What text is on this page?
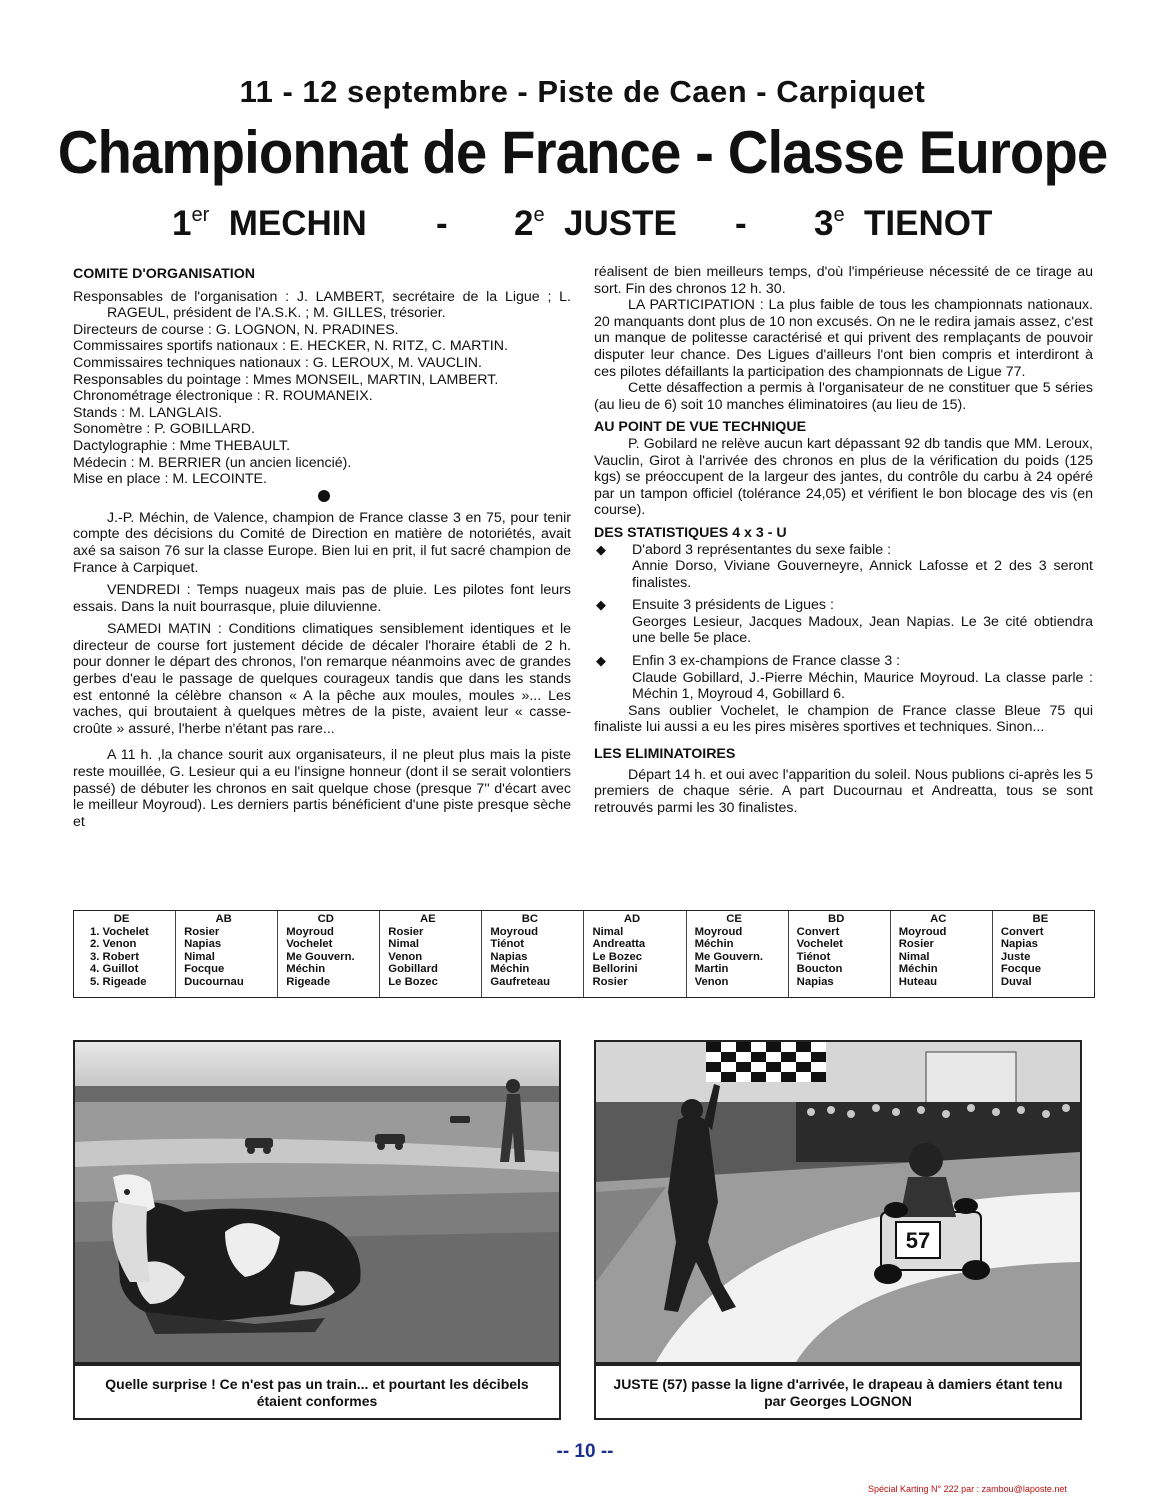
11 - 12 septembre - Piste de Caen - Carpiquet
Championnat de France - Classe Europe
1er MECHIN - 2e JUSTE - 3e TIENOT

COMITE D'ORGANISATION

Responsables de l'organisation : J. LAMBERT, secrétaire de la Ligue ; L. RAGEUL, président de l'A.S.K. ; M. GILLES, trésorier.

Directeurs de course : G. LOGNON, N. PRADINES.

Commissaires sportifs nationaux : E. HECKER, N. RITZ, C. MARTIN.

Commissaires techniques nationaux : G. LEROUX, M. VAUCLIN.

Responsables du pointage : Mmes MONSEIL, MARTIN, LAMBERT.

Chronométrage électronique : R. ROUMANEIX.

Stands : M. LANGLAIS.

Sonomètre : P. GOBILLARD.

Dactylographie : Mme THEBAULT.

Médecin : M. BERRIER (un ancien licencié).

Mise en place : M. LECOINTE.

J.-P. Méchin, de Valence, champion de France classe 3 en 75, pour tenir compte des décisions du Comité de Direction en matière de notoriétés, avait axé sa saison 76 sur la classe Europe. Bien lui en prit, il fut sacré champion de France à Carpiquet.

VENDREDI : Temps nuageux mais pas de pluie. Les pilotes font leurs essais. Dans la nuit bourrasque, pluie diluvienne.

SAMEDI MATIN : Conditions climatiques sensiblement identiques et le directeur de course fort justement décide de décaler l'horaire établi de 2 h. pour donner le départ des chronos, l'on remarque néanmoins avec de grandes gerbes d'eau le passage de quelques courageux tandis que dans les stands est entonné la célèbre chanson « A la pêche aux moules, moules »... Les vaches, qui broutaient à quelques mètres de la piste, avaient leur « casse-croûte » assuré, l'herbe n'étant pas rare...

A 11 h. ,la chance sourit aux organisateurs, il ne pleut plus mais la piste reste mouillée, G. Lesieur qui a eu l'insigne honneur (dont il se serait volontiers passé) de débuter les chronos en sait quelque chose (presque 7'' d'écart avec le meilleur Moyroud). Les derniers partis bénéficient d'une piste presque sèche et

réalisent de bien meilleurs temps, d'où l'impérieuse nécessité de ce tirage au sort. Fin des chronos 12 h. 30.

LA PARTICIPATION : La plus faible de tous les championnats nationaux. 20 manquants dont plus de 10 non excusés. On ne le redira jamais assez, c'est un manque de politesse caractérisé et qui privent des remplaçants de pouvoir disputer leur chance. Des Ligues d'ailleurs l'ont bien compris et interdiront à ces pilotes défaillants la participation des championnats de Ligue 77.

Cette désaffection a permis à l'organisateur de ne constituer que 5 séries (au lieu de 6) soit 10 manches éliminatoires (au lieu de 15).

AU POINT DE VUE TECHNIQUE

P. Gobilard ne relève aucun kart dépassant 92 db tandis que MM. Leroux, Vauclin, Girot à l'arrivée des chronos en plus de la vérification du poids (125 kgs) se préoccupent de la largeur des jantes, du contrôle du carbu à 24 opéré par un tampon officiel (tolérance 24,05) et vérifient le bon blocage des vis (en course).

DES STATISTIQUES 4 x 3 - U

◆ D'abord 3 représentantes du sexe faible :

Annie Dorso, Viviane Gouverneyre, Annick Lafosse et 2 des 3 seront finalistes.

◆ Ensuite 3 présidents de Ligues :

Georges Lesieur, Jacques Madoux, Jean Napias. Le 3e cité obtiendra une belle 5e place.

◆ Enfin 3 ex-champions de France classe 3 :

Claude Gobillard, J.-Pierre Méchin, Maurice Moyroud. La classe parle : Méchin 1, Moyroud 4, Gobillard 6.

Sans oublier Vochelet, le champion de France classe Bleue 75 qui finaliste lui aussi a eu les pires misères sportives et techniques. Sinon...

LES ELIMINATOIRES

Départ 14 h. et oui avec l'apparition du soleil. Nous publions ci-après les 5 premiers de chaque série. A part Ducournau et Andreatta, tous se sont retrouvés parmi les 30 finalistes.

DE
1. Vochelet
2. Venon
3. Robert
4. Guillot
5. Rigeade
AB
Rosier
Napias
Nimal
Focque
Ducournau
CD
Moyroud
Vochelet
Me Gouvern.
Méchin
Rigeade
AE
Rosier
Nimal
Venon
Gobillard
Le Bozec
BC
Moyroud
Tiénot
Napias
Méchin
Gaufreteau
AD
Nimal
Andreatta
Le Bozec
Bellorini
Rosier
CE
Moyroud
Méchin
Me Gouvern.
Martin
Venon
BD
Convert
Vochelet
Tiénot
Boucton
Napias
AC
Moyroud
Rosier
Nimal
Méchin
Huteau
BE
Convert
Napias
Juste
Focque
Duval
Quelle surprise ! Ce n'est pas un train... et pourtant les décibels étaient conformes
57
JUSTE (57) passe la ligne d'arrivée, le drapeau à damiers étant tenu par Georges LOGNON
-- 10 --
Spécial Karting N° 222 par : zambou@laposte.net
